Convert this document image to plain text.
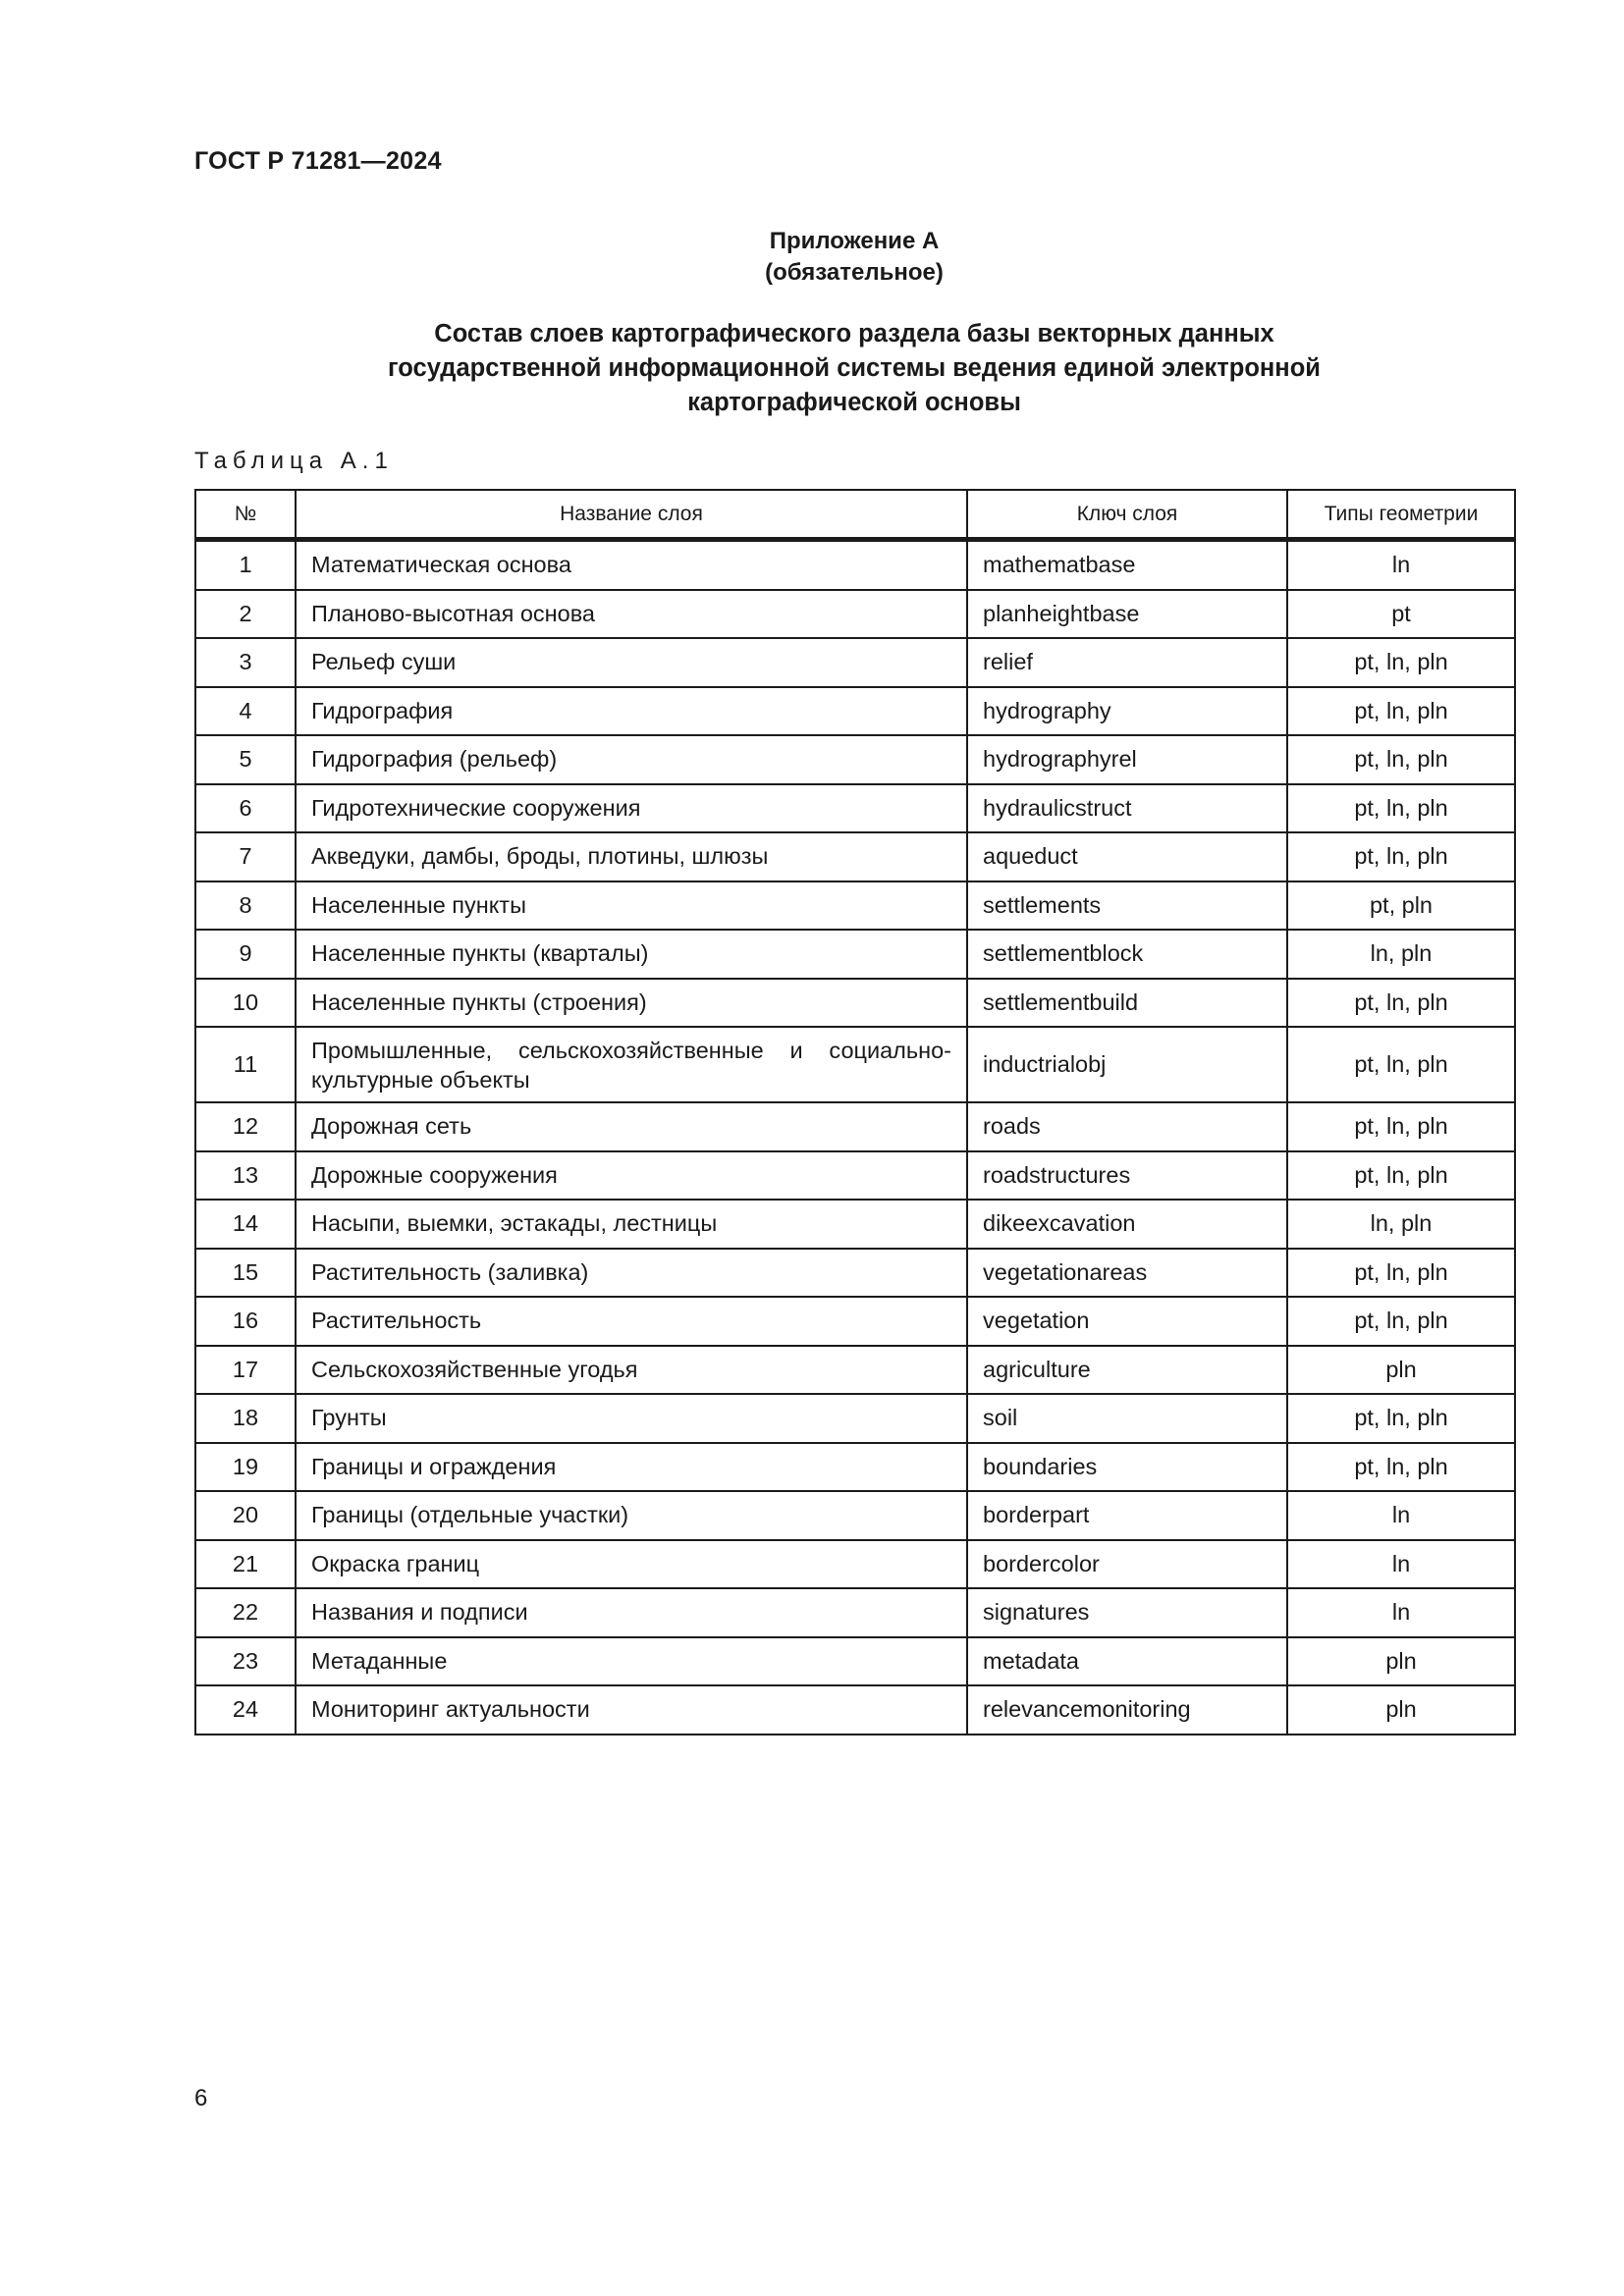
ГОСТ Р 71281—2024
Приложение А
(обязательное)
Состав слоев картографического раздела базы векторных данных
государственной информационной системы ведения единой электронной
картографической основы
Таблица А.1
№	Название слоя	Ключ слоя	Типы геометрии
1	Математическая основа	mathematbase	ln
2	Планово-высотная основа	planheightbase	pt
3	Рельеф суши	relief	pt, ln, pln
4	Гидрография	hydrography	pt, ln, pln
5	Гидрография (рельеф)	hydrographyrel	pt, ln, pln
6	Гидротехнические сооружения	hydraulicstruct	pt, ln, pln
7	Акведуки, дамбы, броды, плотины, шлюзы	aqueduct	pt, ln, pln
8	Населенные пункты	settlements	pt, pln
9	Населенные пункты (кварталы)	settlementblock	ln, pln
10	Населенные пункты (строения)	settlementbuild	pt, ln, pln
11	Промышленные, сельскохозяйственные и социально-культурные объекты	inductrialobj	pt, ln, pln
12	Дорожная сеть	roads	pt, ln, pln
13	Дорожные сооружения	roadstructures	pt, ln, pln
14	Насыпи, выемки, эстакады, лестницы	dikeexcavation	ln, pln
15	Растительность (заливка)	vegetationareas	pt, ln, pln
16	Растительность	vegetation	pt, ln, pln
17	Сельскохозяйственные угодья	agriculture	pln
18	Грунты	soil	pt, ln, pln
19	Границы и ограждения	boundaries	pt, ln, pln
20	Границы (отдельные участки)	borderpart	ln
21	Окраска границ	bordercolor	ln
22	Названия и подписи	signatures	ln
23	Метаданные	metadata	pln
24	Мониторинг актуальности	relevancemonitoring	pln
6
